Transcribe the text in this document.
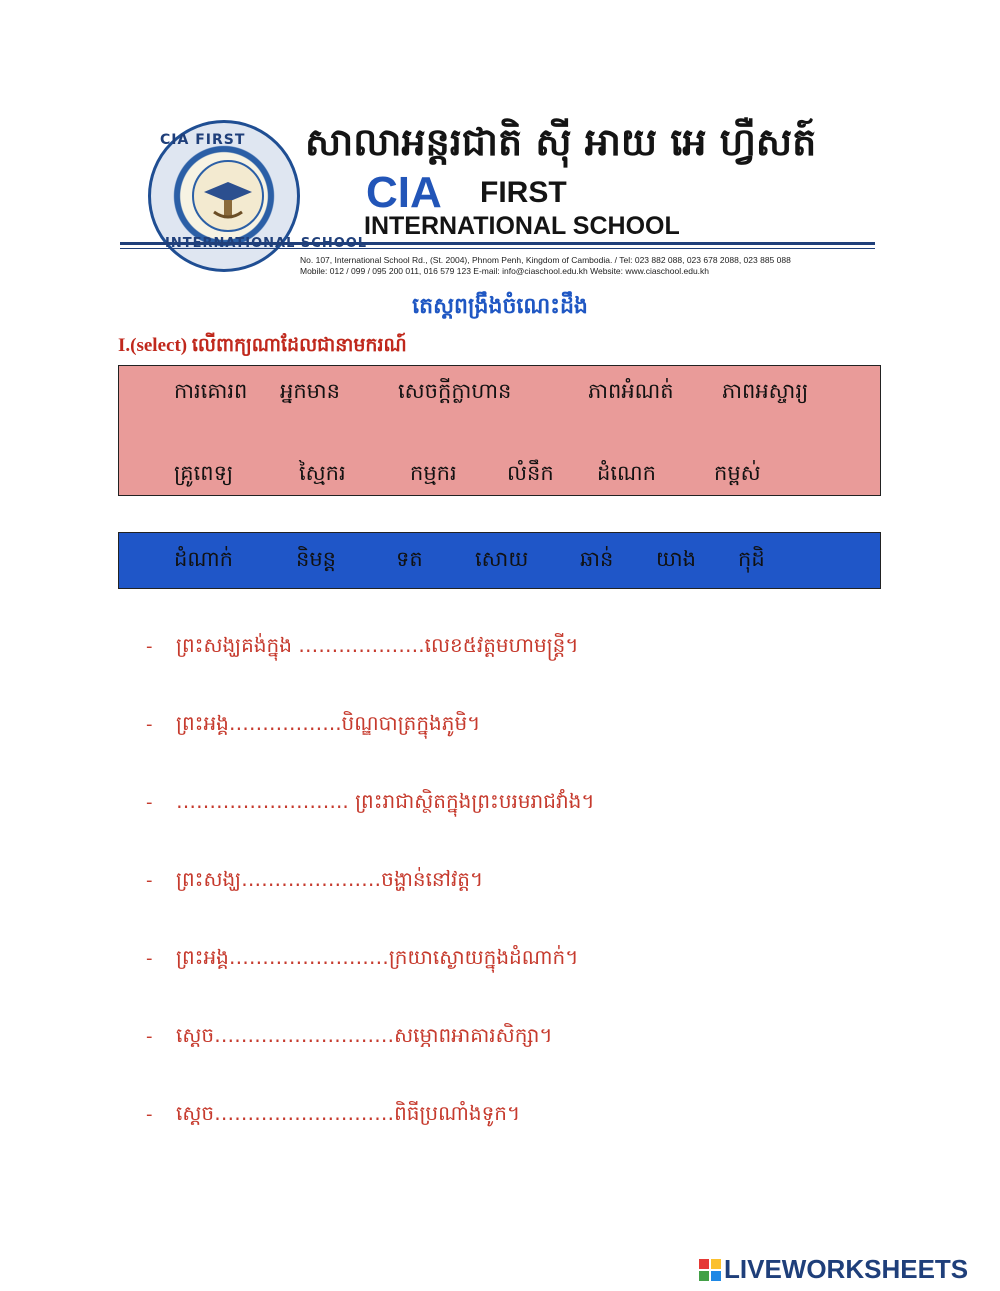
CIA FIRST សាលាអន្តរជាតិ ស៊ី អាយ អេ ហ្វឺសត៍
CIA FIRST
INTERNATIONAL SCHOOL
No. 107, International School Rd., (St. 2004), Phnom Penh, Kingdom of Cambodia. / Tel: 023 882 088, 023 678 2088, 023 885 088
Mobile: 012 / 099 / 095 200 011, 016 579 123 E-mail: info@ciaschool.edu.kh Website: www.ciaschool.edu.kh
តេស្តពង្រឹងចំណេះដឹង
I.(select) លើពាក្យណាដែលជានាមករណ៍
ការគោរព អ្នកមាន	សេចក្តីក្លាហាន	ភាពអំណត់ ភាពអស្ចារ្យ
គ្រូពេទ្យ	ស្មៃករ	កម្មករ លំនឹក ដំណេក	កម្ពស់
ដំណាក់	និមន្ត	ទត សោយ ឆាន់ យាង កុដិ
- ព្រះសង្ឃគង់ក្នុង ……………….លេខ៥វត្តមហាមន្ត្រី។
- ព្រះអង្គ……………..បិណ្ឌបាត្រក្នុងភូមិ។
- …………………….. ព្រះរាជាស្ថិតក្នុងព្រះបរមរាជវាំង។
- ព្រះសង្ឃ…………………ចង្ហាន់នៅវត្ត។
- ព្រះអង្គ……………………ក្រយាស្ងោយក្នុងដំណាក់។
- ស្តេច………………………សម្ភោពអាគារសិក្សា។
- ស្តេច………………………ពិធីប្រណាំងទូក។
LIVEWORKSHEETS
